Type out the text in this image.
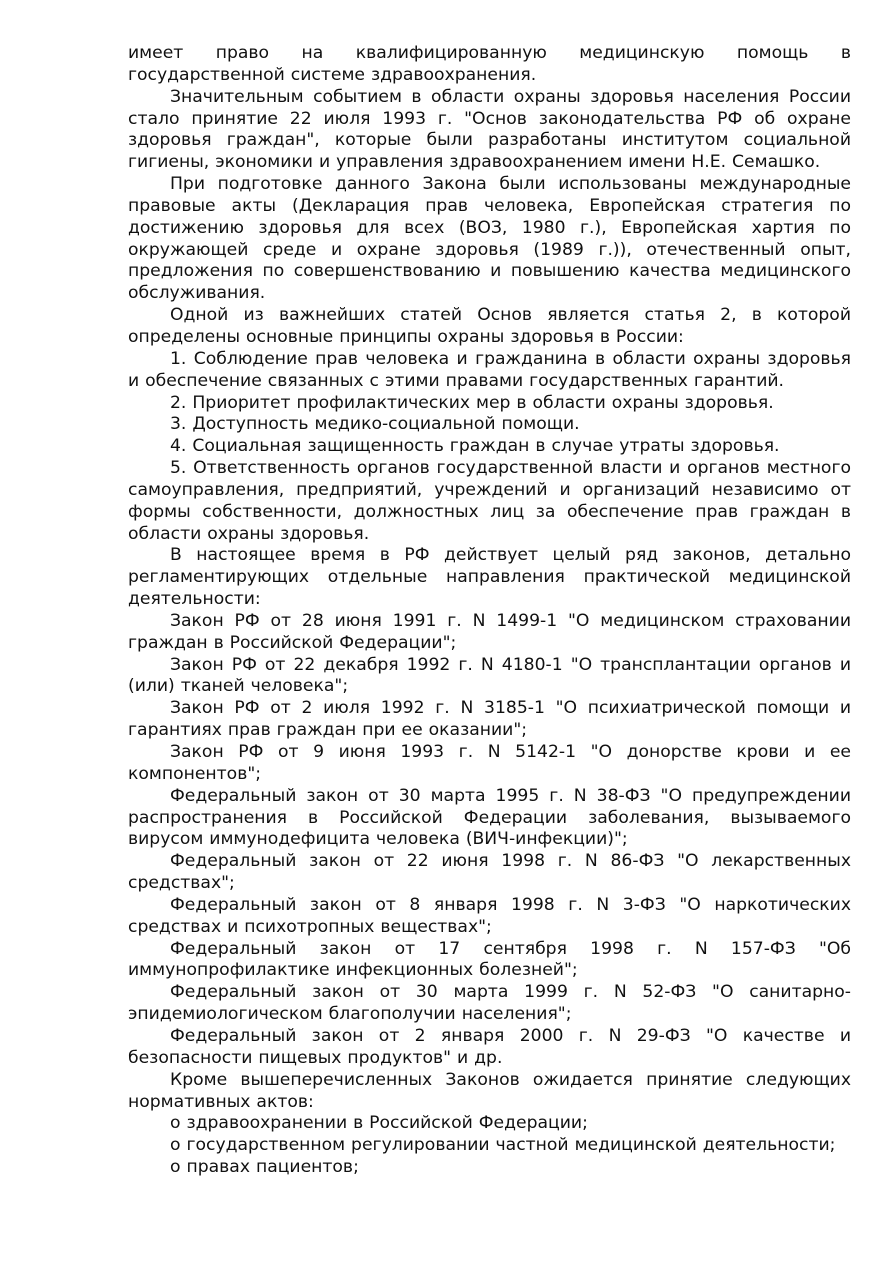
имеет право на квалифицированную медицинскую помощь в государственной системе здравоохранения.

Значительным событием в области охраны здоровья населения России стало принятие 22 июля 1993 г. "Основ законодательства РФ об охране здоровья граждан", которые были разработаны институтом социальной гигиены, экономики и управления здравоохранением имени Н.Е. Семашко.

При подготовке данного Закона были использованы международные правовые акты (Декларация прав человека, Европейская стратегия по достижению здоровья для всех (ВОЗ, 1980 г.), Европейская хартия по окружающей среде и охране здоровья (1989 г.)), отечественный опыт, предложения по совершенствованию и повышению качества медицинского обслуживания.

Одной из важнейших статей Основ является статья 2, в которой определены основные принципы охраны здоровья в России:

1. Соблюдение прав человека и гражданина в области охраны здоровья и обеспечение связанных с этими правами государственных гарантий.

2. Приоритет профилактических мер в области охраны здоровья.

3. Доступность медико-социальной помощи.

4. Социальная защищенность граждан в случае утраты здоровья.

5. Ответственность органов государственной власти и органов местного самоуправления, предприятий, учреждений и организаций независимо от формы собственности, должностных лиц за обеспечение прав граждан в области охраны здоровья.

В настоящее время в РФ действует целый ряд законов, детально регламентирующих отдельные направления практической медицинской деятельности:

Закон РФ от 28 июня 1991 г. N 1499-1 "О медицинском страховании граждан в Российской Федерации";

Закон РФ от 22 декабря 1992 г. N 4180-1 "О трансплантации органов и (или) тканей человека";

Закон РФ от 2 июля 1992 г. N 3185-1 "О психиатрической помощи и гарантиях прав граждан при ее оказании";

Закон РФ от 9 июня 1993 г. N 5142-1 "О донорстве крови и ее компонентов";

Федеральный закон от 30 марта 1995 г. N 38-ФЗ "О предупреждении распространения в Российской Федерации заболевания, вызываемого вирусом иммунодефицита человека (ВИЧ-инфекции)";

Федеральный закон от 22 июня 1998 г. N 86-ФЗ "О лекарственных средствах";

Федеральный закон от 8 января 1998 г. N 3-ФЗ "О наркотических средствах и психотропных веществах";

Федеральный закон от 17 сентября 1998 г. N 157-ФЗ "Об иммунопрофилактике инфекционных болезней";

Федеральный закон от 30 марта 1999 г. N 52-ФЗ "О санитарно-эпидемиологическом благополучии населения";

Федеральный закон от 2 января 2000 г. N 29-ФЗ "О качестве и безопасности пищевых продуктов" и др.

Кроме вышеперечисленных Законов ожидается принятие следующих нормативных актов:

о здравоохранении в Российской Федерации;

о государственном регулировании частной медицинской деятельности;

о правах пациентов;
